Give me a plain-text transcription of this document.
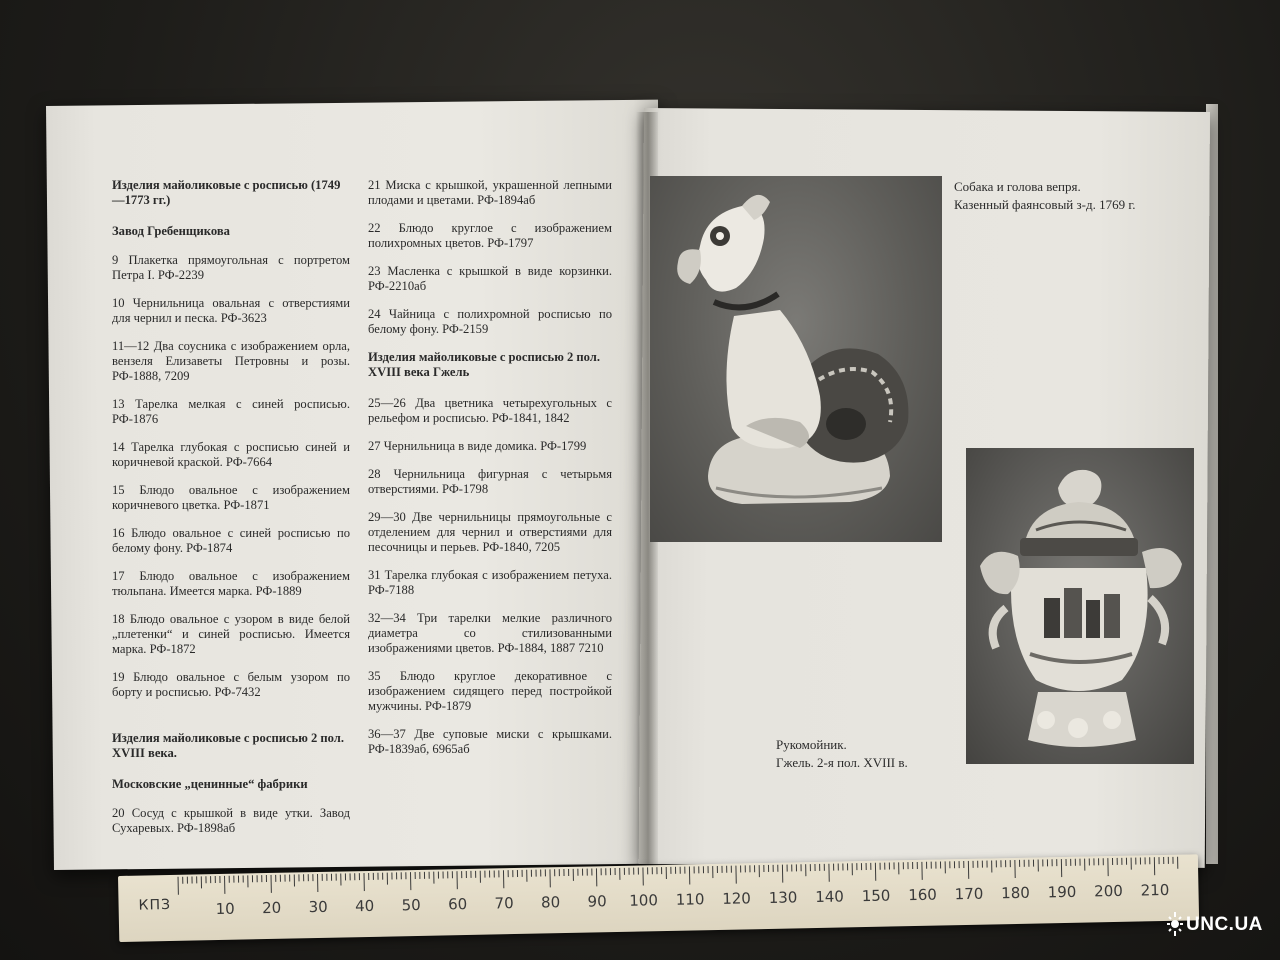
Изделия майоликовые с росписью (1749—1773 гг.)
Завод Гребенщикова
9 Плакетка прямоугольная с портретом Петра I. РФ-2239
10 Чернильница овальная с отверстиями для чернил и песка. РФ-3623
11—12 Два соусника с изображением орла, вензеля Елизаветы Петровны и розы. РФ-1888, 7209
13 Тарелка мелкая с синей росписью. РФ-1876
14 Тарелка глубокая с росписью синей и коричневой краской. РФ-7664
15 Блюдо овальное с изображением коричневого цветка. РФ-1871
16 Блюдо овальное с синей росписью по белому фону. РФ-1874
17 Блюдо овальное с изображением тюльпана. Имеется марка. РФ-1889
18 Блюдо овальное с узором в виде белой „плетенки“ и синей росписью. Имеется марка. РФ-1872
19 Блюдо овальное с белым узором по борту и росписью. РФ-7432
Изделия майоликовые с росписью 2 пол. XVIII века.
Московские „ценинные“ фабрики
20 Сосуд с крышкой в виде утки. Завод Сухаревых. РФ-1898аб
21 Миска с крышкой, украшенной лепными плодами и цветами. РФ-1894аб
22 Блюдо круглое с изображением полихромных цветов. РФ-1797
23 Масленка с крышкой в виде корзинки. РФ-2210аб
24 Чайница с полихромной росписью по белому фону. РФ-2159
Изделия майоликовые с росписью 2 пол. XVIII века Гжель
25—26 Два цветника четырехугольных с рельефом и росписью. РФ-1841, 1842
27 Чернильница в виде домика. РФ-1799
28 Чернильница фигурная с четырьмя отверстиями. РФ-1798
29—30 Две чернильницы прямоугольные с отделением для чернил и отверстиями для песочницы и перьев. РФ-1840, 7205
31 Тарелка глубокая с изображением петуха. РФ-7188
32—34 Три тарелки мелкие различного диаметра со стилизованными изображениями цветов. РФ-1884, 1887 7210
35 Блюдо круглое декоративное с изображением сидящего перед постройкой мужчины. РФ-1879
36—37 Две суповые миски с крышками. РФ-1839аб, 6965аб
Собака и голова вепря.
Казенный фаянсовый з-д. 1769 г.
Рукомойник.
Гжель. 2-я пол. XVIII в.
10 20 30 40 50 60 70 80 90 100 110 120 130 140 150 160 170 180 190 200 210
КПЗ
UNC.UA
